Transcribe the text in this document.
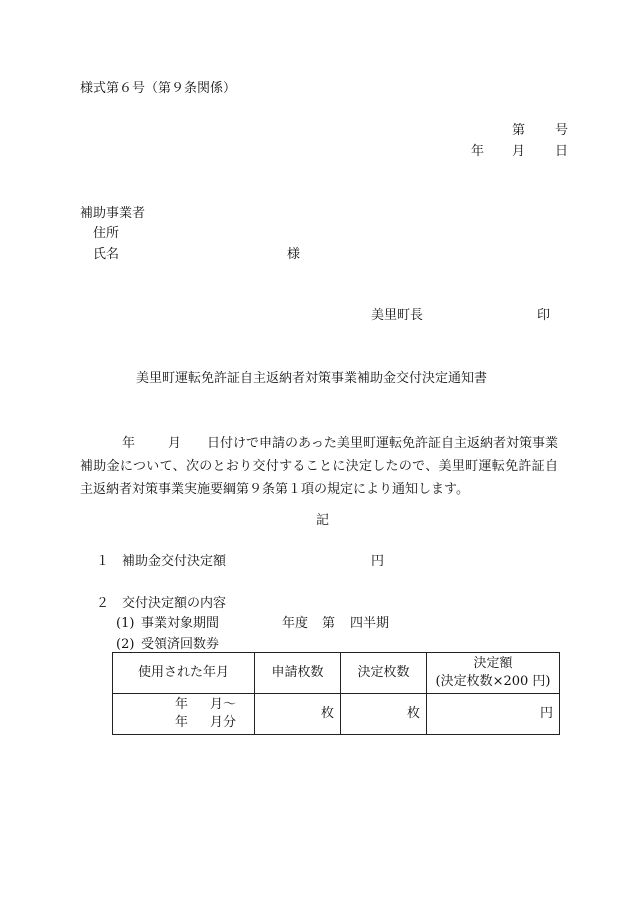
様式第６号（第９条関係）
第 号
年 月 日
補助事業者
住所
氏名	様
美里町長	印
美里町運転免許証自主返納者対策事業補助金交付決定通知書
年	月 日付けで申請のあった美里町運転免許証自主返納者対策事業補助金について、次のとおり交付することに決定したので、美里町運転免許証自主返納者対策事業実施要綱第９条第１項の規定により通知します。
記
１ 補助金交付決定額	円
２ 交付決定額の内容
(1) 事業対象期間	年度 第 四半期
(2) 受領済回数券
使用された年月	申請枚数	決定枚数	決定額
(決定枚数×200 円)

年 月～
年 月分	枚	枚	円
